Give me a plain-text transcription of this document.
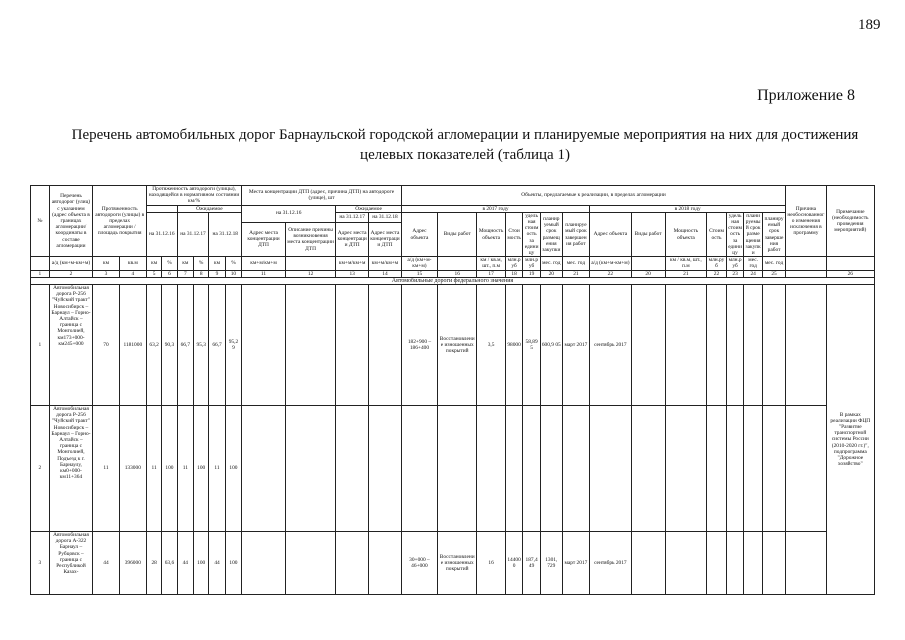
189
Приложение 8
Перечень автомобильных дорог Барнаульской городской агломерации и планируемые мероприятия на них для достижения целевых показателей (таблица 1)
№	Перечень автодорог (улиц) с указанием (адрес объекта в границах агломерации/координаты в составе агломерации	Протяженность автодороги (улицы) в пределах агломерации / площадь покрытия		Протяженность автодороги (улицы), находящейся в нормативном состоянии км/%						Места концентрации ДТП (адрес, причина ДТП) на автодороге (улице), шт				Объекты, предлагаемые к реализации, в пределах агломерации														Причина необоснованного изменения исключения в программу	Примечание (необходимость проведения мероприятий)
						Ожидаемое				на 31.12.16		Ожидаемое		в 2017 году							в 2018 году								
				на 31.12.16		на 31.12.17		на 31.12.18				на 31.12.17	на 31.12.18	Адрес объекта	Виды работ	Мощность объекта	Стоимость	удельная стоимость за единицу	планируемый срок размещения закупки	планируемый срок завершения работ	Адрес объекта	Виды работ	Мощность объекта	Стоимость	удельная стоимость за единицу	планируемый срок размещения закупки	планируемый срок завершения работ		
										Адрес места концентрации ДТП	Описание причины возникновения места концентрации ДТП	Адрес места концентрации ДТП	Адрес места концентрации ДТП																
	а/д (км+м-км+м)	км	кв.м	км	%	км	%	км	%	км+м/км+м		км+м/км+м	км+м/км+м	а/д (км+м-км+м)		км / кв.м, шт., п.м	млн.руб	млн.руб	мес. год	мес. год	а/д (км+м-км+м)		км / кв.м, шт., п.м	млн.руб	млн.руб	мес. год	мес. год		
1	2	3	4	5	6	7	8	9	10	11	12	13	14	15	16	17	18	19	20	21	22	20	21	22	23	24	25		26
Автомобильные дороги федерального значения																													
1	Автомобильная дорога Р-256 "Чуйский тракт" Новосибирск – Барнаул – Горно-Алтайск – граница с Монголией, км173+000-км245+000	70	1181000	63,2	90,3	66,7	95,3	66,7	95,2 9					182+900 – 186+400	Восстановление изношенных покрытий	3,5	98000	58,89 5	600,9 05	март 2017	сентябрь 2017								В рамках реализации ФЦП "Развитие транспортной системы России (2010-2020 гг.)", подпрограмма "Дорожное хозяйство"
2	Автомобильная дорога Р-256 "Чуйский тракт" Новосибирск – Барнаул – Горно-Алтайск – граница с Монголией, Подъезд к г. Барнаулу, км0+000-км11+364	11	133000	11	100	11	100	11	100																				
3	Автомобильная дорога А-322 Барнаул – Рубцовск – граница с Республикой Казах-	44	396000	28	63,6	44	100	44	100					30+000 – 46+000	Восстановление изношенных покрытий	16	14400 0	187,4 49	1301, 729	март 2017	сентябрь 2017								
